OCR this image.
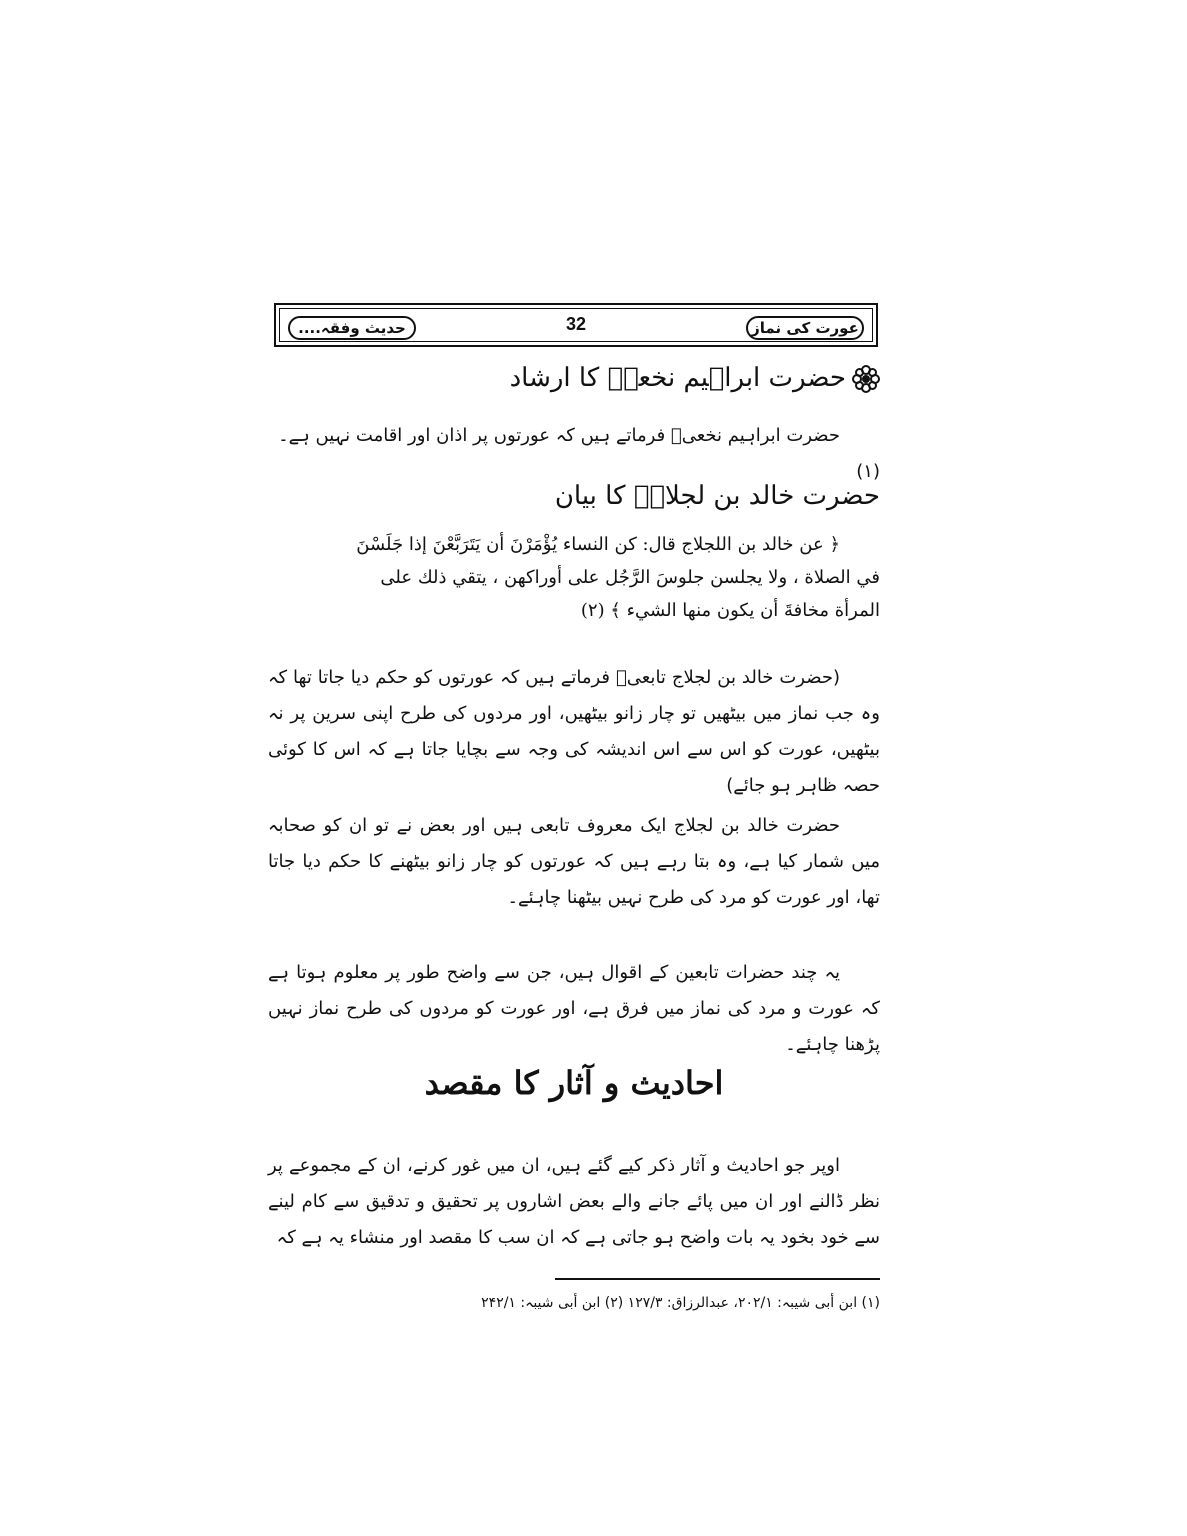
عورت کی نماز
32
حدیث وفقہ....
حضرت ابراہیم نخعیؒ کا ارشاد
حضرت ابراہیم نخعیؒ فرماتے ہیں کہ عورتوں پر اذان اور اقامت نہیں ہے۔ (۱)
حضرت خالد بن لجلاجؒ کا بیان
﴿ عن خالد بن اللجلاج قال: كن النساء يُؤْمَرْنَ أن يَتَرَبَّعْنَ إذا جَلَسْنَ
في الصلاة ، ولا يجلسن جلوسَ الرَّجُل على أوراكهن ، يتقي ذلك على
المرأة مخافةَ أن يكون منها الشيء ﴾ (۲)
(حضرت خالد بن لجلاج تابعیؒ فرماتے ہیں کہ عورتوں کو حکم دیا جاتا تھا کہ وہ جب نماز میں بیٹھیں تو چار زانو بیٹھیں، اور مردوں کی طرح اپنی سرین پر نہ بیٹھیں، عورت کو اس سے اس اندیشہ کی وجہ سے بچایا جاتا ہے کہ اس کا کوئی حصہ ظاہر ہو جائے)
حضرت خالد بن لجلاج ایک معروف تابعی ہیں اور بعض نے تو ان کو صحابہ میں شمار کیا ہے، وہ بتا رہے ہیں کہ عورتوں کو چار زانو بیٹھنے کا حکم دیا جاتا تھا، اور عورت کو مرد کی طرح نہیں بیٹھنا چاہئے۔
یہ چند حضرات تابعین کے اقوال ہیں، جن سے واضح طور پر معلوم ہوتا ہے کہ عورت و مرد کی نماز میں فرق ہے، اور عورت کو مردوں کی طرح نماز نہیں پڑھنا چاہئے۔
احادیث و آثار کا مقصد
اوپر جو احادیث و آثار ذکر کیے گئے ہیں، ان میں غور کرنے، ان کے مجموعے پر نظر ڈالنے اور ان میں پائے جانے والے بعض اشاروں پر تحقیق و تدقیق سے کام لینے سے خود بخود یہ بات واضح ہو جاتی ہے کہ ان سب کا مقصد اور منشاء یہ ہے کہ
(۱) ابن أبی شیبہ: ۲۰۲/۱، عبدالرزاق: ۱۲۷/۳ (۲) ابن أبی شیبہ: ۲۴۲/۱
